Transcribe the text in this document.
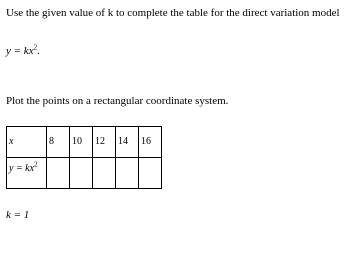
Use the given value of k to complete the table for the direct variation model
$y = kx^2$.
Plot the points on a rectangular coordinate system.
x	8	10	12	14	16
$y = kx^2$					
k = 1
